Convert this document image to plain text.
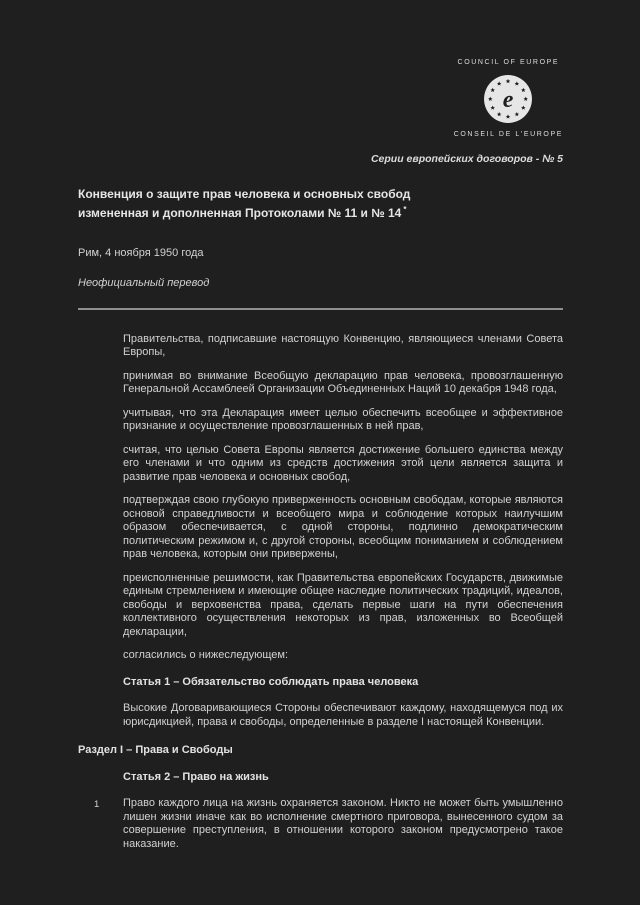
COUNCIL OF EUROPE
e
CONSEIL DE L'EUROPE
Серии европейских договоров - № 5
Конвенция о защите прав человека и основных свобод
измененная и дополненная Протоколами № 11 и № 14 *
Рим, 4 ноября 1950 года
Неофициальный перевод

Правительства, подписавшие настоящую Конвенцию, являющиеся членами Совета Европы,

принимая во внимание Всеобщую декларацию прав человека, провозглашенную Генеральной Ассамблеей Организации Объединенных Наций 10 декабря 1948 года,

учитывая, что эта Декларация имеет целью обеспечить всеобщее и эффективное признание и осуществление провозглашенных в ней прав,

считая, что целью Совета Европы является достижение большего единства между его членами и что одним из средств достижения этой цели является защита и развитие прав человека и основных свобод,

подтверждая свою глубокую приверженность основным свободам, которые являются основой справедливости и всеобщего мира и соблюдение которых наилучшим образом обеспечивается, с одной стороны, подлинно демократическим политическим режимом и, с другой стороны, всеобщим пониманием и соблюдением прав человека, которым они привержены,

преисполненные решимости, как Правительства европейских Государств, движимые единым стремлением и имеющие общее наследие политических традиций, идеалов, свободы и верховенства права, сделать первые шаги на пути обеспечения коллективного осуществления некоторых из прав, изложенных во Всеобщей декларации,

согласились о нижеследующем:

Статья 1 – Обязательство соблюдать права человека

Высокие Договаривающиеся Стороны обеспечивают каждому, находящемуся под их юрисдикцией, права и свободы, определенные в разделе I настоящей Конвенции.

Раздел I – Права и Свободы
Статья 2 – Право на жизнь
1	Право каждого лица на жизнь охраняется законом. Никто не может быть умышленно лишен жизни иначе как во исполнение смертного приговора, вынесенного судом за совершение преступления, в отношении которого законом предусмотрено такое наказание.
